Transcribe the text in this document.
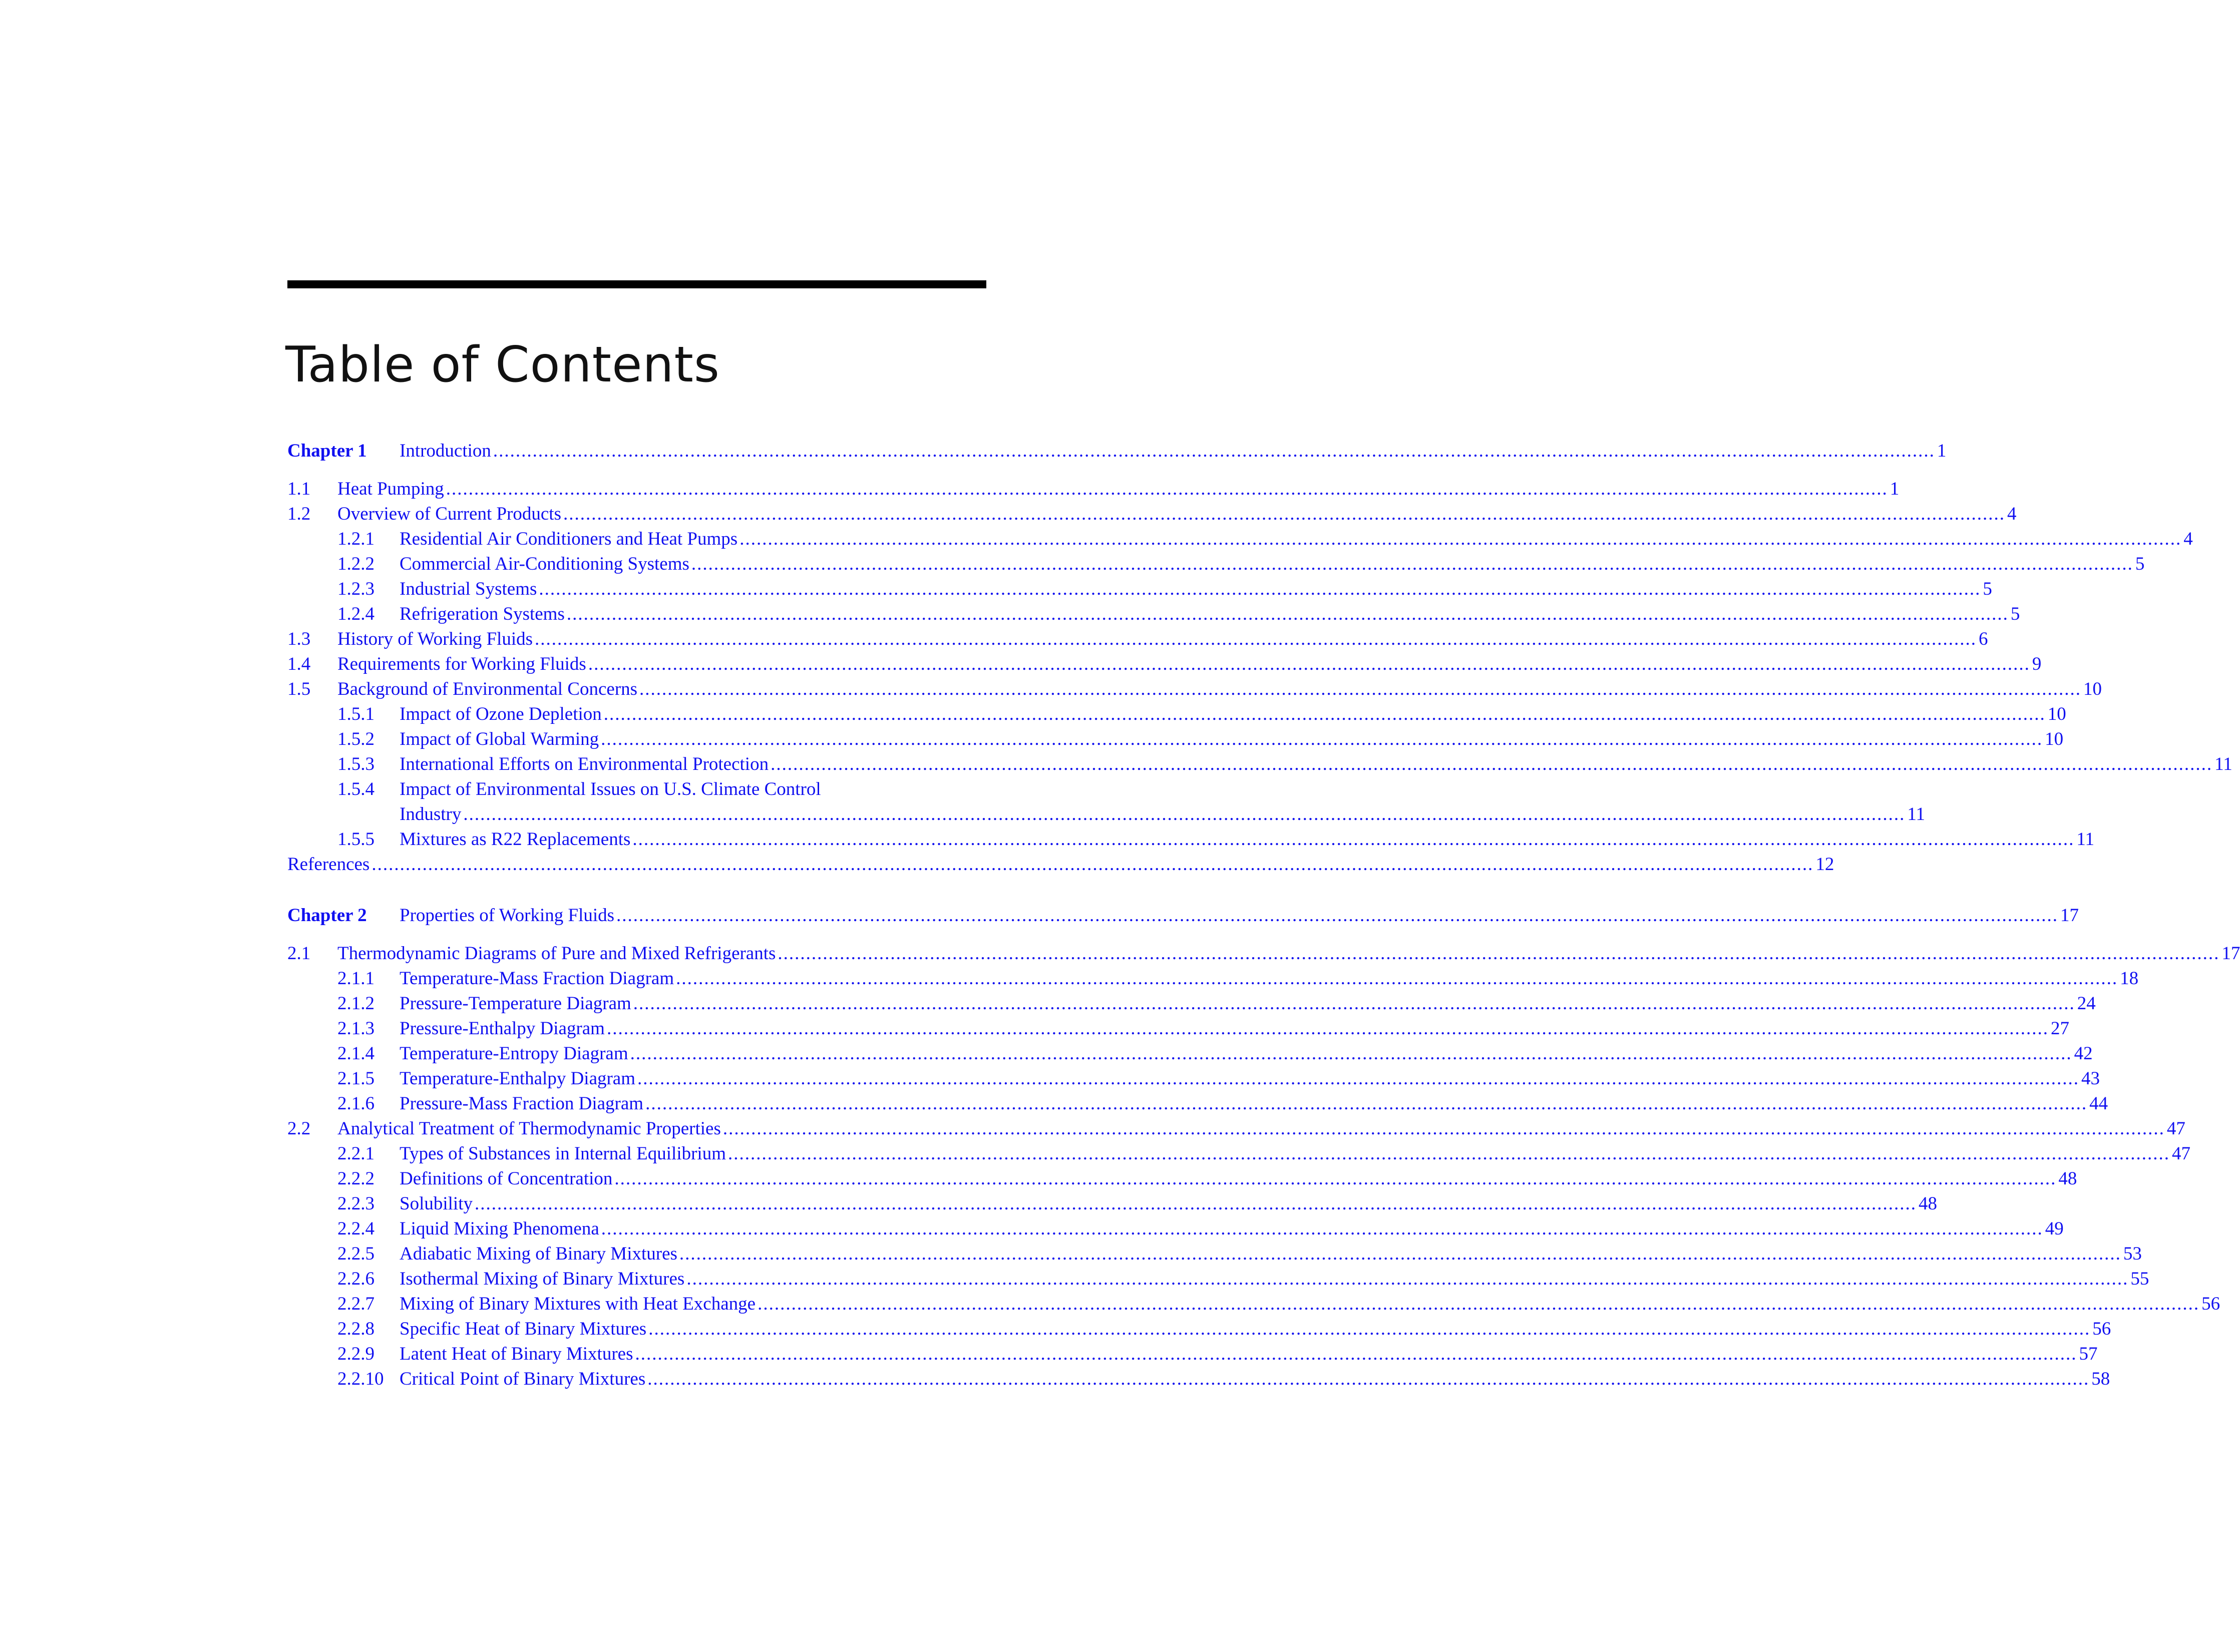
Table of Contents
Chapter 1	Introduction .....	1
1.1	Heat Pumping .....	1
1.2	Overview of Current Products .....	4
1.2.1	Residential Air Conditioners and Heat Pumps .....	4
1.2.2	Commercial Air-Conditioning Systems .....	5
1.2.3	Industrial Systems .....	5
1.2.4	Refrigeration Systems .....	5
1.3	History of Working Fluids .....	6
1.4	Requirements for Working Fluids .....	9
1.5	Background of Environmental Concerns .....	10
1.5.1	Impact of Ozone Depletion .....	10
1.5.2	Impact of Global Warming .....	10
1.5.3	International Efforts on Environmental Protection .....	11
1.5.4	Impact of Environmental Issues on U.S. Climate Control
Industry .....	11
1.5.5	Mixtures as R22 Replacements .....	11
References .....	12
Chapter 2	Properties of Working Fluids .....	17
2.1	Thermodynamic Diagrams of Pure and Mixed Refrigerants .....	17
2.1.1	Temperature-Mass Fraction Diagram .....	18
2.1.2	Pressure-Temperature Diagram .....	24
2.1.3	Pressure-Enthalpy Diagram .....	27
2.1.4	Temperature-Entropy Diagram .....	42
2.1.5	Temperature-Enthalpy Diagram .....	43
2.1.6	Pressure-Mass Fraction Diagram .....	44
2.2	Analytical Treatment of Thermodynamic Properties .....	47
2.2.1	Types of Substances in Internal Equilibrium .....	47
2.2.2	Definitions of Concentration .....	48
2.2.3	Solubility .....	48
2.2.4	Liquid Mixing Phenomena .....	49
2.2.5	Adiabatic Mixing of Binary Mixtures .....	53
2.2.6	Isothermal Mixing of Binary Mixtures .....	55
2.2.7	Mixing of Binary Mixtures with Heat Exchange .....	56
2.2.8	Specific Heat of Binary Mixtures .....	56
2.2.9	Latent Heat of Binary Mixtures .....	57
2.2.10 Critical Point of Binary Mixtures .....	58
